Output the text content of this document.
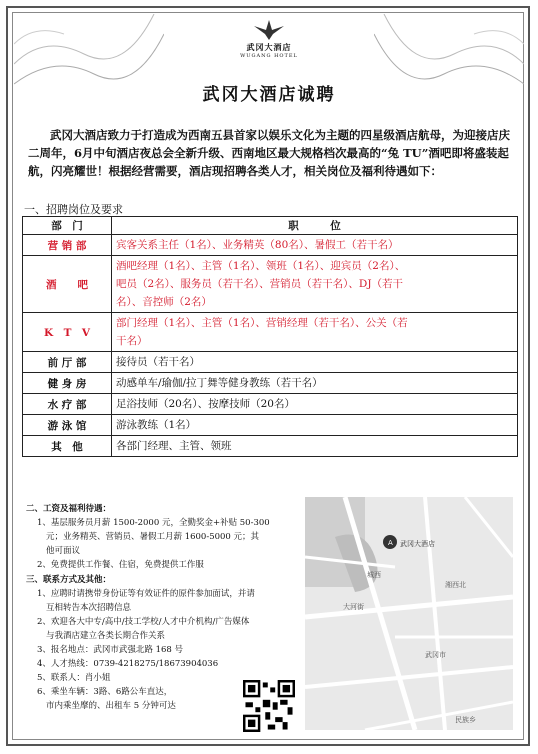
武冈大酒店
WUGANG HOTEL
武冈大酒店诚聘
武冈大酒店致力于打造成为西南五县首家以娱乐文化为主题的四星级酒店航母，为迎接店庆二周年，6月中旬酒店夜总会全新升级、西南地区最大规格档次最高的“兔 TU”酒吧即将盛装起航，闪亮耀世！根据经营需要，酒店现招聘各类人才，相关岗位及福利待遇如下：
一、招聘岗位及要求
部　门	职　　　位
营 销 部	宾客关系主任（1名）、业务精英（80名）、暑假工（若干名）

酒　　吧	酒吧经理（1名）、主管（1名）、领班（1名）、迎宾员（2名）、
吧员（2名）、服务员（若干名）、营销员（若干名）、DJ（若干
名）、音控师（2名）

K　T　V	部门经理（1名）、主管（1名）、营销经理（若干名）、公关（若
干名）

前 厅 部	接待员（若干名）

健 身 房	动感单车/瑜伽/拉丁舞等健身教练（若干名）

水 疗 部	足浴技师（20名）、按摩技师（20名）

游 泳 馆	游泳教练（1名）

其　他	各部门经理、主管、领班
二、工资及福利待遇：
1、基层服务员月薪 1500-2000 元，全勤奖金+补贴 50-300
元；业务精英、营销员、暑假工月薪 1600-5000 元；其
他可面议
2、免费提供工作餐、住宿，免费提供工作服
三、联系方式及其他：
1、应聘时请携带身份证等有效证件的原件参加面试，并请
互相转告本次招聘信息
2、欢迎各大中专/高中/技工学校/人才中介机构/广告媒体
与我酒店建立各类长期合作关系
3、报名地点：武冈市武强北路 168 号
4、人才热线：0739-4218275/18673904036
5、联系人：肖小姐
6、乘坐车辆：3路、6路公车直达，
市内乘坐摩的、出租车 5 分钟可达
A 武冈大酒店
城西
大河街
湘西北
武冈市
民族乡
